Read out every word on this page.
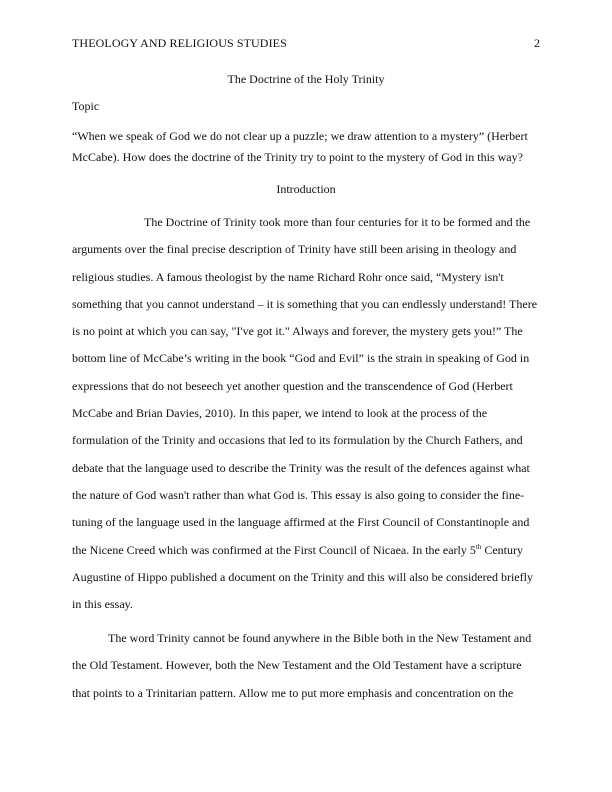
THEOLOGY AND RELIGIOUS STUDIES	2
The Doctrine of the Holy Trinity
Topic
“When we speak of God we do not clear up a puzzle; we draw attention to a mystery” (Herbert McCabe). How does the doctrine of the Trinity try to point to the mystery of God in this way?
Introduction
The Doctrine of Trinity took more than four centuries for it to be formed and the arguments over the final precise description of Trinity have still been arising in theology and religious studies. A famous theologist by the name Richard Rohr once said, “Mystery isn't something that you cannot understand – it is something that you can endlessly understand! There is no point at which you can say, "I've got it." Always and forever, the mystery gets you!” The bottom line of McCabe’s writing in the book “God and Evil” is the strain in speaking of God in expressions that do not beseech yet another question and the transcendence of God (Herbert McCabe and Brian Davies, 2010). In this paper, we intend to look at the process of the formulation of the Trinity and occasions that led to its formulation by the Church Fathers, and debate that the language used to describe the Trinity was the result of the defences against what the nature of God wasn't rather than what God is. This essay is also going to consider the fine-tuning of the language used in the language affirmed at the First Council of Constantinople and the Nicene Creed which was confirmed at the First Council of Nicaea. In the early 5th Century Augustine of Hippo published a document on the Trinity and this will also be considered briefly in this essay.
The word Trinity cannot be found anywhere in the Bible both in the New Testament and the Old Testament. However, both the New Testament and the Old Testament have a scripture that points to a Trinitarian pattern. Allow me to put more emphasis and concentration on the
